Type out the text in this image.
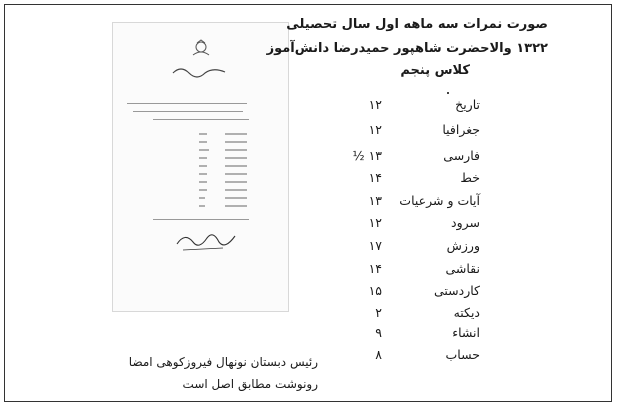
صورت نمرات سه ماهه اول سال تحصیلی
۱۳۲۲ والاحضرت شاهپور حمیدرضا دانش‌آموز
کلاس پنجم
تاریخ
۱۲
جغرافیا
۱۲
فارسی
۱۳ ½
خط
۱۴
آیات و شرعیات
۱۳
سرود
۱۲
ورزش
۱۷
نقاشی
۱۴
کاردستی
۱۵
دیکته
۲
انشاء
۹
حساب
۸
رئیس دبستان نونهال فیروزکوهی امضا
رونوشت مطابق اصل است
